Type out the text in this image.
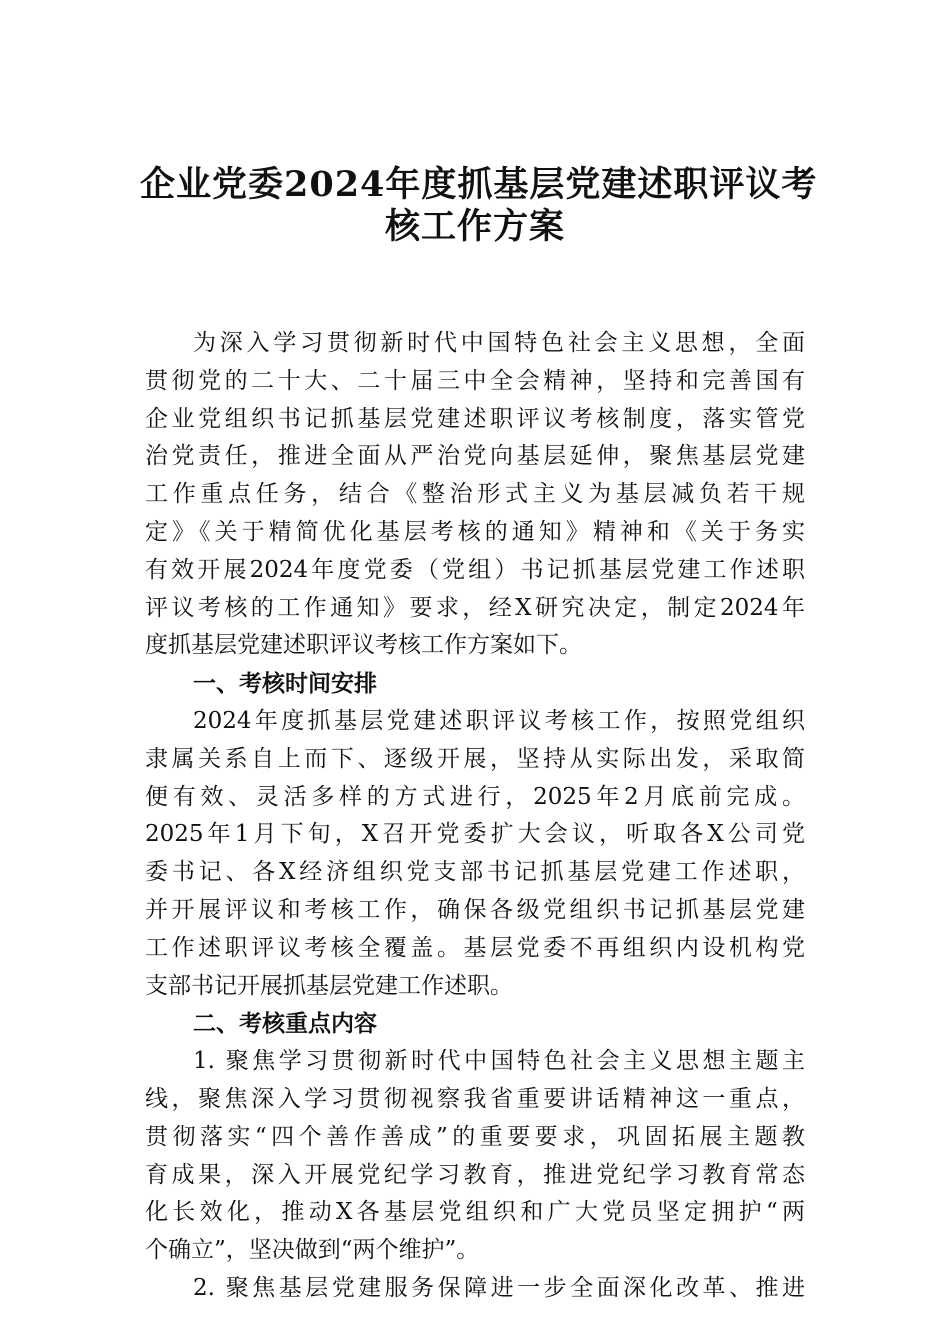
企业党委2024年度抓基层党建述职评议考
核工作方案
为深入学习贯彻新时代中国特色社会主义思想，全面
贯彻党的二十大、二十届三中全会精神，坚持和完善国有
企业党组织书记抓基层党建述职评议考核制度，落实管党
治党责任，推进全面从严治党向基层延伸，聚焦基层党建
工作重点任务，结合《整治形式主义为基层减负若干规
定》《关于精简优化基层考核的通知》精神和《关于务实
有效开展2024年度党委（党组）书记抓基层党建工作述职
评议考核的工作通知》要求，经X研究决定，制定2024年
度抓基层党建述职评议考核工作方案如下。
一、考核时间安排
2024年度抓基层党建述职评议考核工作，按照党组织
隶属关系自上而下、逐级开展，坚持从实际出发，采取简
便有效、灵活多样的方式进行，2025年2月底前完成。
2025年1月下旬，X召开党委扩大会议，听取各X公司党
委书记、各X经济组织党支部书记抓基层党建工作述职，
并开展评议和考核工作，确保各级党组织书记抓基层党建
工作述职评议考核全覆盖。基层党委不再组织内设机构党
支部书记开展抓基层党建工作述职。
二、考核重点内容
1. 聚焦学习贯彻新时代中国特色社会主义思想主题主
线，聚焦深入学习贯彻视察我省重要讲话精神这一重点，
贯彻落实“四个善作善成”的重要要求，巩固拓展主题教
育成果，深入开展党纪学习教育，推进党纪学习教育常态
化长效化，推动X各基层党组织和广大党员坚定拥护“两
个确立”，坚决做到“两个维护”。
2. 聚焦基层党建服务保障进一步全面深化改革、推进
